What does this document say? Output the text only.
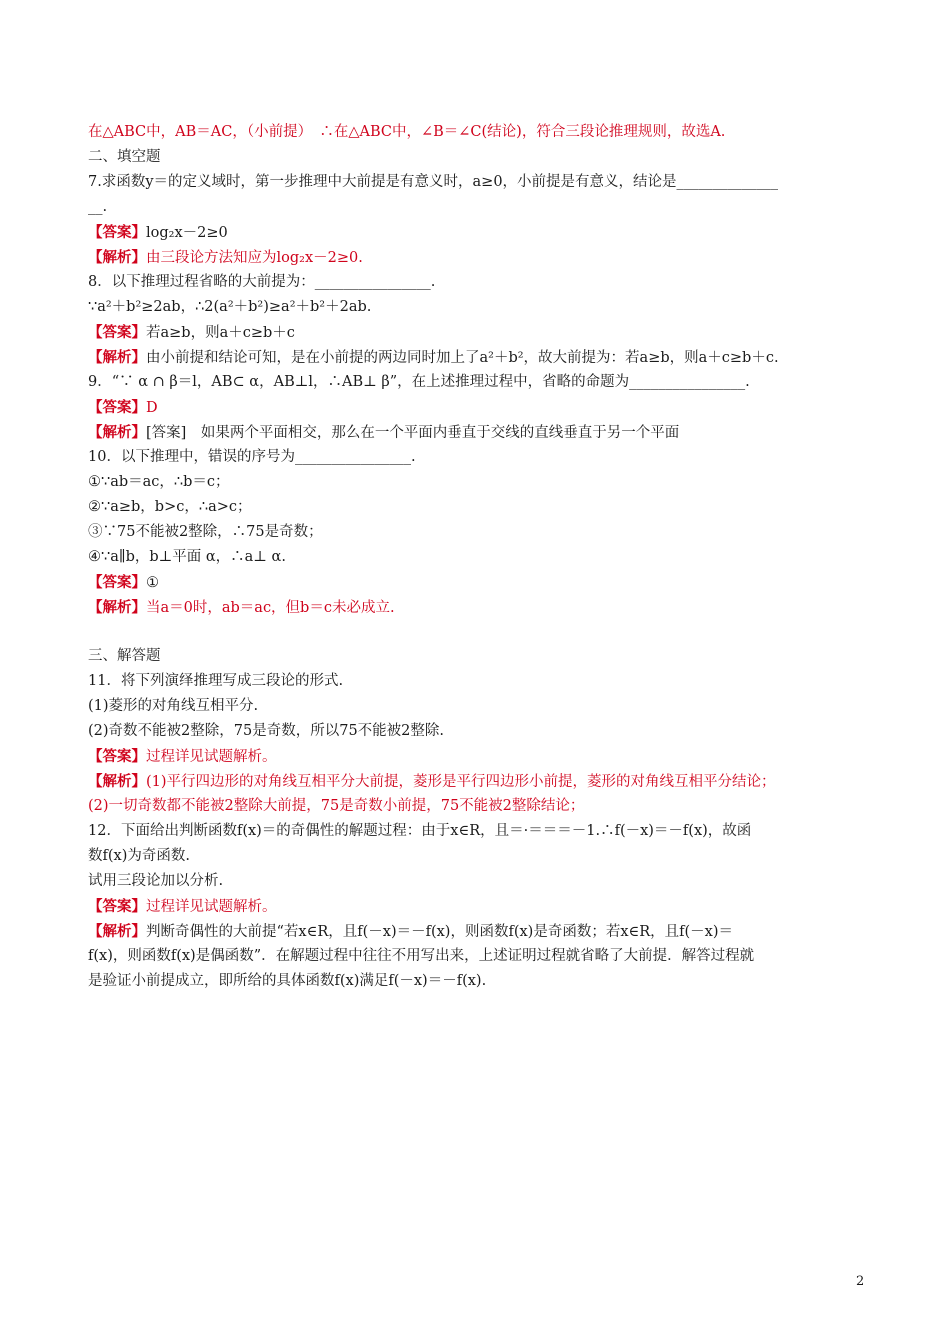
在△ABC中，AB＝AC，（小前提）　∴在△ABC中，∠B＝∠C(结论)，符合三段论推理规则，故选A.
二、填空题
7.求函数y＝的定义域时，第一步推理中大前提是有意义时，a≥0，小前提是有意义，结论是______________
__.
【答案】log₂x－2≥0
【解析】由三段论方法知应为log₂x－2≥0.
8．以下推理过程省略的大前提为：________________.
∵a²＋b²≥2ab，∴2(a²＋b²)≥a²＋b²＋2ab.
【答案】若a≥b，则a＋c≥b＋c
【解析】由小前提和结论可知，是在小前提的两边同时加上了a²＋b²，故大前提为：若a≥b，则a＋c≥b＋c.
9．“∵ α ∩ β＝l，AB⊂ α，AB⊥l，∴AB⊥ β”，在上述推理过程中，省略的命题为________________.
【答案】D
【解析】[答案]　如果两个平面相交，那么在一个平面内垂直于交线的直线垂直于另一个平面
10．以下推理中，错误的序号为________________.
①∵ab＝ac，∴b＝c；
②∵a≥b，b>c，∴a>c；
③∵75不能被2整除，∴75是奇数；
④∵a∥b，b⊥平面 α，∴a⊥ α.
【答案】①
【解析】当a＝0时，ab＝ac，但b＝c未必成立.
三、解答题
11．将下列演绎推理写成三段论的形式.
(1)菱形的对角线互相平分.
(2)奇数不能被2整除，75是奇数，所以75不能被2整除.
【答案】过程详见试题解析。
【解析】(1)平行四边形的对角线互相平分大前提，菱形是平行四边形小前提，菱形的对角线互相平分结论；
(2)一切奇数都不能被2整除大前提，75是奇数小前提，75不能被2整除结论；
12．下面给出判断函数f(x)＝的奇偶性的解题过程：由于x∈R，且＝·＝＝＝－1.∴f(－x)＝－f(x)，故函
数f(x)为奇函数.
试用三段论加以分析.
【答案】过程详见试题解析。
【解析】判断奇偶性的大前提“若x∈R，且f(－x)＝－f(x)，则函数f(x)是奇函数；若x∈R，且f(－x)＝
f(x)，则函数f(x)是偶函数”．在解题过程中往往不用写出来，上述证明过程就省略了大前提．解答过程就
是验证小前提成立，即所给的具体函数f(x)满足f(－x)＝－f(x).
2
